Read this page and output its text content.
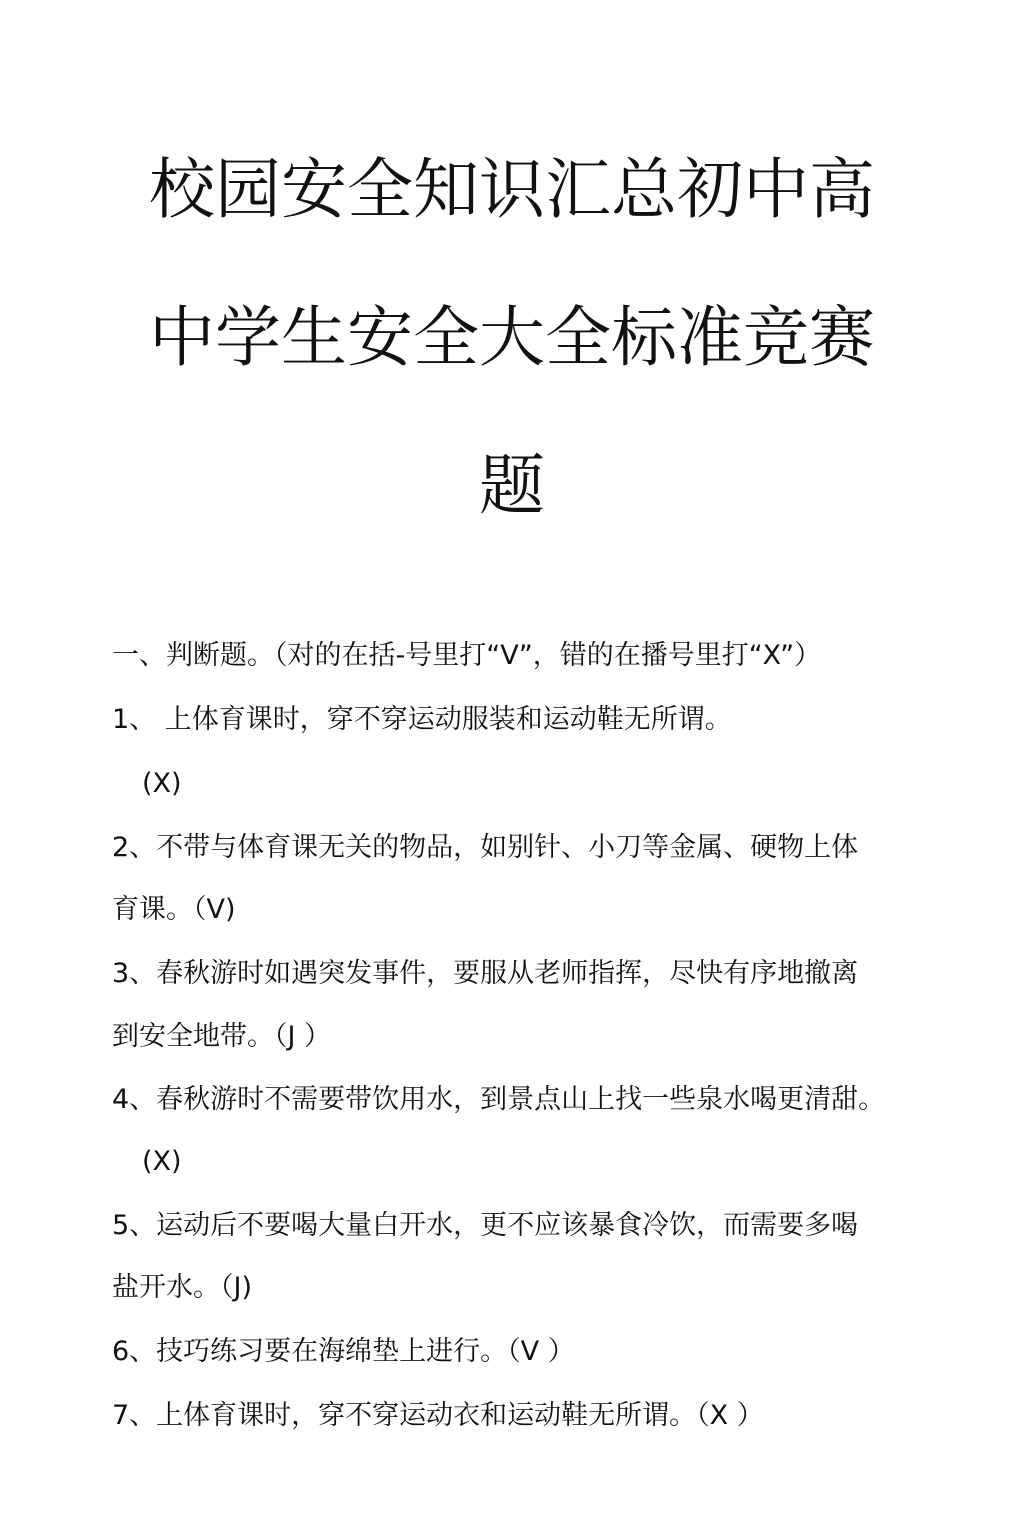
校园安全知识汇总初中高
中学生安全大全标准竞赛
题
一、判断题。（对的在括-号里打“V”，错的在播号里打“X”）
1、 上体育课时，穿不穿运动服装和运动鞋无所谓。
(X)
2、不带与体育课无关的物品，如别针、小刀等金属、硬物上体
育课。（V)
3、春秋游时如遇突发事件，要服从老师指挥，尽快有序地撤离
到安全地带。（J ）
4、春秋游时不需要带饮用水，到景点山上找一些泉水喝更清甜。
(X)
5、运动后不要喝大量白开水，更不应该暴食冷饮，而需要多喝
盐开水。（J)
6、技巧练习要在海绵垫上进行。（V ）
7、上体育课时，穿不穿运动衣和运动鞋无所谓。（X ）
